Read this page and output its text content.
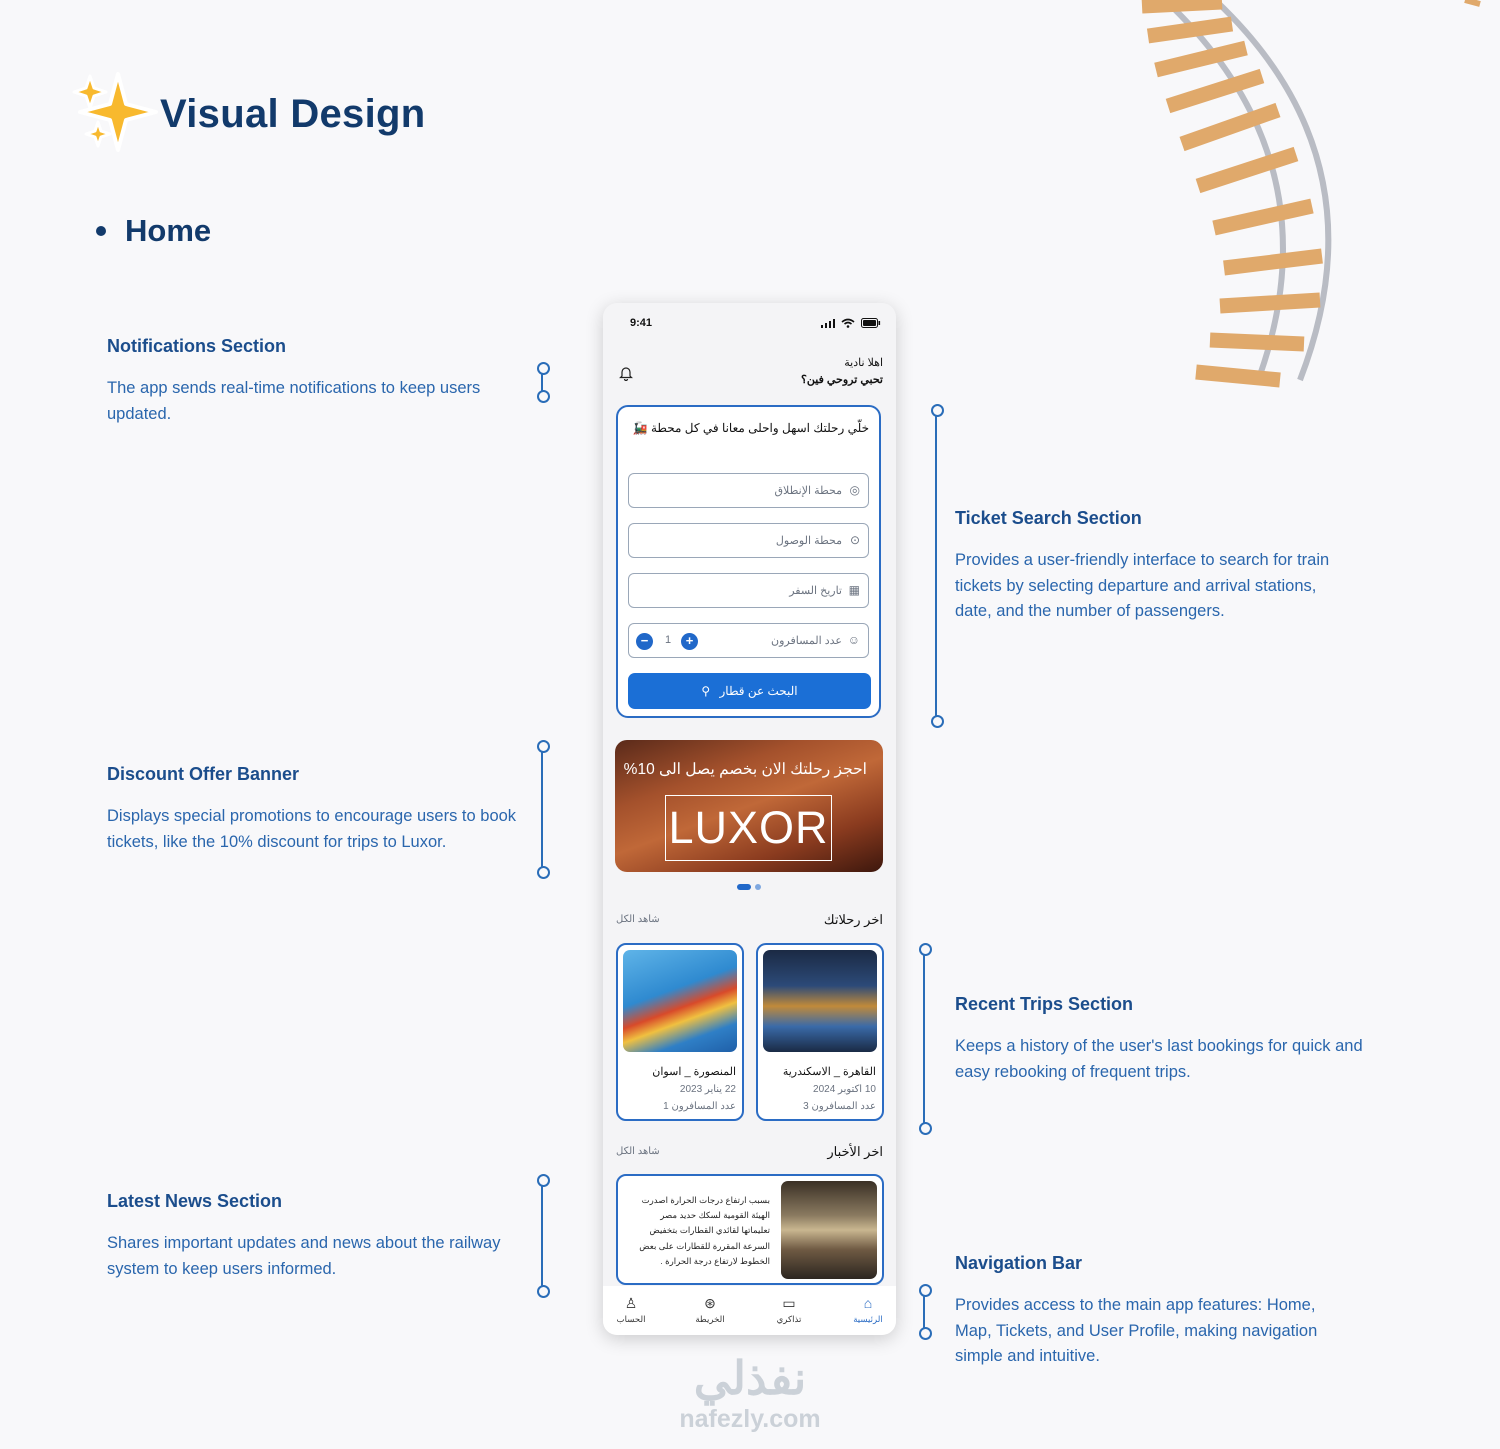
Visual Design
Home
Notifications Section
The app sends real-time notifications to keep users updated.
Discount Offer Banner
Displays special promotions to encourage users to book tickets, like the 10% discount for trips to Luxor.
Latest News Section
Shares important updates and news about the railway system to keep users informed.
Ticket Search Section
Provides a user-friendly interface to search for train tickets by selecting departure and arrival stations, date, and the number of passengers.
Recent Trips Section
Keeps a history of the user's last bookings for quick and easy rebooking of frequent trips.
Navigation Bar
Provides access to the main app features: Home, Map, Tickets, and User Profile, making navigation simple and intuitive.
9:41
اهلا نادية
تحبي تروحي فين؟
خلّي رحلتك اسهل واحلى معانا في كل محطة 🚂
◎
محطة الإنطلاق
⊙
محطة الوصول
▦
تاريخ السفر
☺
عدد المسافرون
+
1
−
البحث عن قطار ⚲
احجز رحلتك الان بخصم يصل الى 10%
LUXOR
اخر رحلاتك
شاهد الكل
القاهرة _ الاسكندرية
10 اكتوبر 2024
عدد المسافرون 3
المنصورة _ اسوان
22 يناير 2023
عدد المسافرون 1
اخر الأخبار
شاهد الكل
بسبب ارتفاع درجات الحرارة اصدرت الهيئة القومية لسكك حديد مصر تعليماتها لقائدي القطارات بتخفيض السرعة المقررة للقطارات على بعض الخطوط لارتفاع درجة الحرارة .
⌂
الرئيسية
▭
تذاكري
⊛
الخريطة
♙
الحساب
نفذلي
nafezly.com
